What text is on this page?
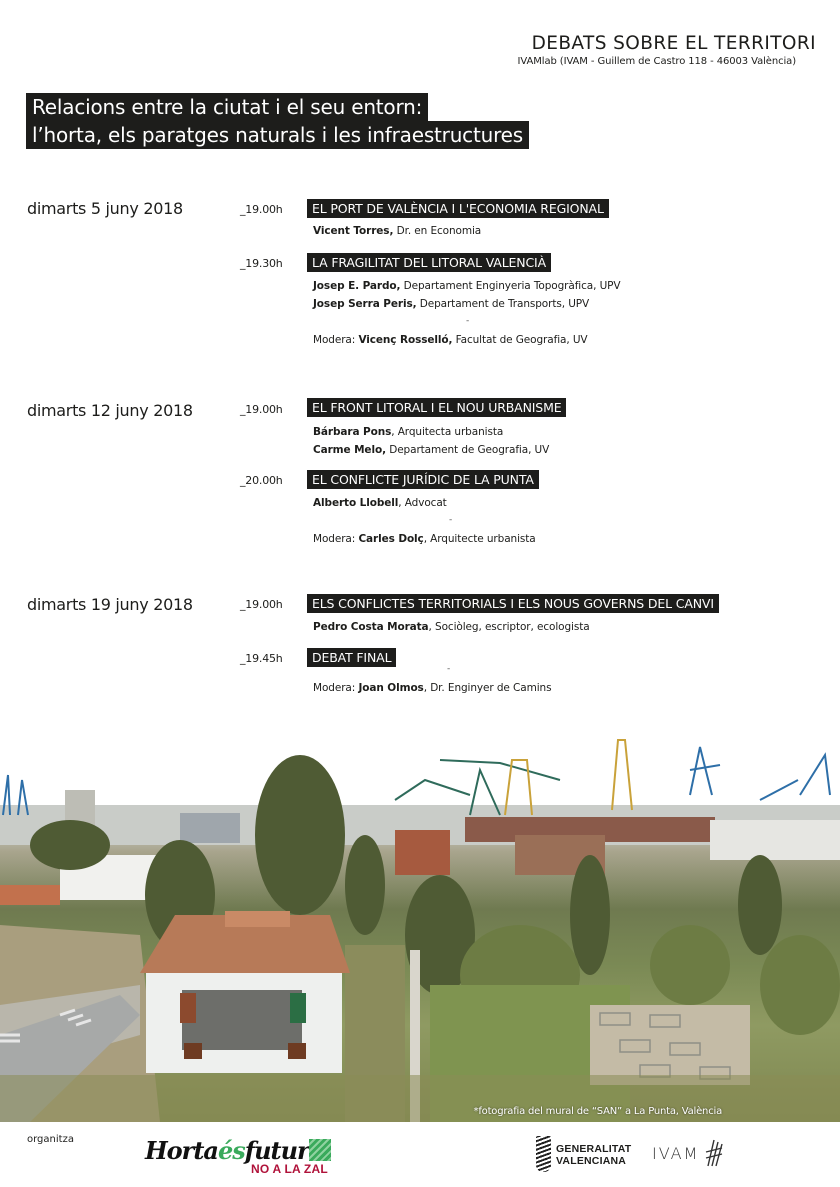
DEBATS SOBRE EL TERRITORI
IVAMlab (IVAM - Guillem de Castro 118 - 46003 València)
Relacions entre la ciutat i el seu entorn:
l’horta, els paratges naturals i les infraestructures
dimarts 5 juny 2018	_19.00h	EL PORT DE VALÈNCIA I L'ECONOMIA REGIONAL
Vicent Torres, Dr. en Economia
_19.30h	LA FRAGILITAT DEL LITORAL VALENCIÀ
Josep E. Pardo, Departament Enginyeria Topogràfica, UPV
Josep Serra Peris, Departament de Transports, UPV
-
Modera: Vicenç Rosselló, Facultat de Geografia, UV
dimarts 12 juny 2018	_19.00h	EL FRONT LITORAL I EL NOU URBANISME
Bárbara Pons, Arquitecta urbanista
Carme Melo, Departament de Geografia, UV
_20.00h	EL CONFLICTE JURÍDIC DE LA PUNTA
Alberto Llobell, Advocat
-
Modera: Carles Dolç, Arquitecte urbanista
dimarts 19 juny 2018	_19.00h	ELS CONFLICTES TERRITORIALS I ELS NOUS GOVERNS DEL CANVI
Pedro Costa Morata, Sociòleg, escriptor, ecologista
_19.45h	DEBAT FINAL
-
Modera: Joan Olmos, Dr. Enginyer de Camins
*fotografia del mural de “SAN” a La Punta, València
organitza	Hortaésfutur
NO A LA ZAL
GENERALITAT
VALENCIANA	IVAM
